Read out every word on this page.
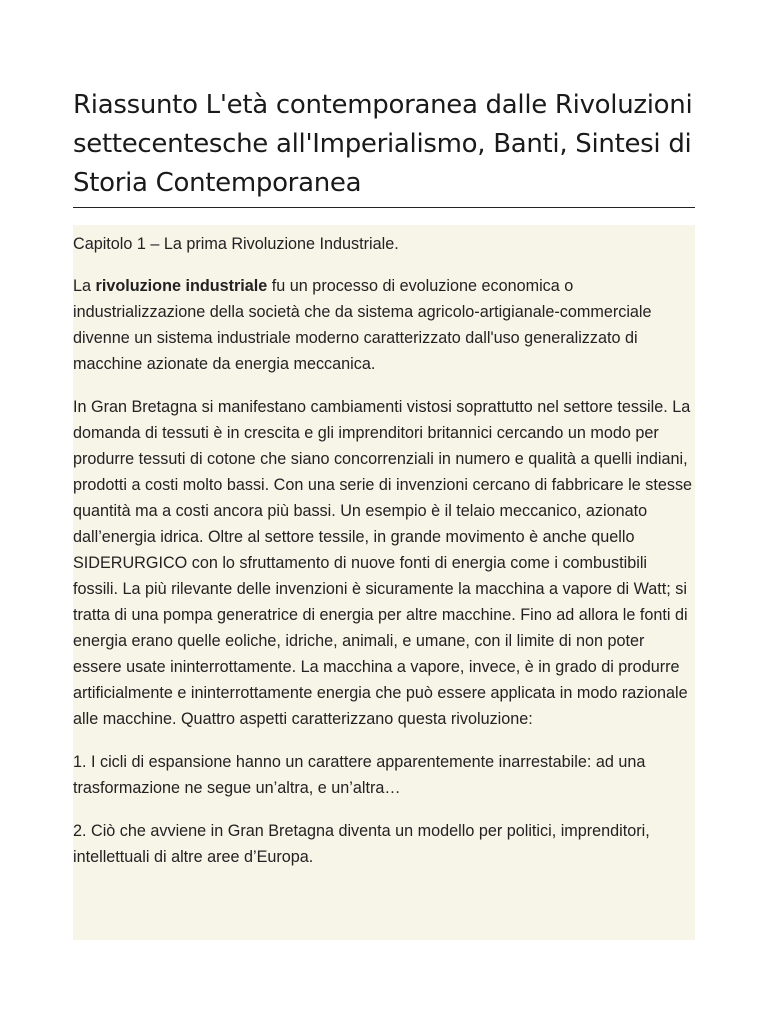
Riassunto L'età contemporanea dalle Rivoluzioni settecentesche all'Imperialismo, Banti, Sintesi di Storia Contemporanea

Capitolo 1 – La prima Rivoluzione Industriale.

La rivoluzione industriale fu un processo di evoluzione economica o industrializzazione della società che da sistema agricolo-artigianale-commerciale divenne un sistema industriale moderno caratterizzato dall'uso generalizzato di macchine azionate da energia meccanica.

In Gran Bretagna si manifestano cambiamenti vistosi soprattutto nel settore tessile. La domanda di tessuti è in crescita e gli imprenditori britannici cercando un modo per produrre tessuti di cotone che siano concorrenziali in numero e qualità a quelli indiani, prodotti a costi molto bassi. Con una serie di invenzioni cercano di fabbricare le stesse quantità ma a costi ancora più bassi. Un esempio è il telaio meccanico, azionato dall’energia idrica. Oltre al settore tessile, in grande movimento è anche quello SIDERURGICO con lo sfruttamento di nuove fonti di energia come i combustibili fossili. La più rilevante delle invenzioni è sicuramente la macchina a vapore di Watt; si tratta di una pompa generatrice di energia per altre macchine. Fino ad allora le fonti di energia erano quelle eoliche, idriche, animali, e umane, con il limite di non poter essere usate ininterrottamente. La macchina a vapore, invece, è in grado di produrre artificialmente e ininterrottamente energia che può essere applicata in modo razionale alle macchine. Quattro aspetti caratterizzano questa rivoluzione:

1. I cicli di espansione hanno un carattere apparentemente inarrestabile: ad una trasformazione ne segue un’altra, e un’altra…

2. Ciò che avviene in Gran Bretagna diventa un modello per politici, imprenditori, intellettuali di altre aree d’Europa.
